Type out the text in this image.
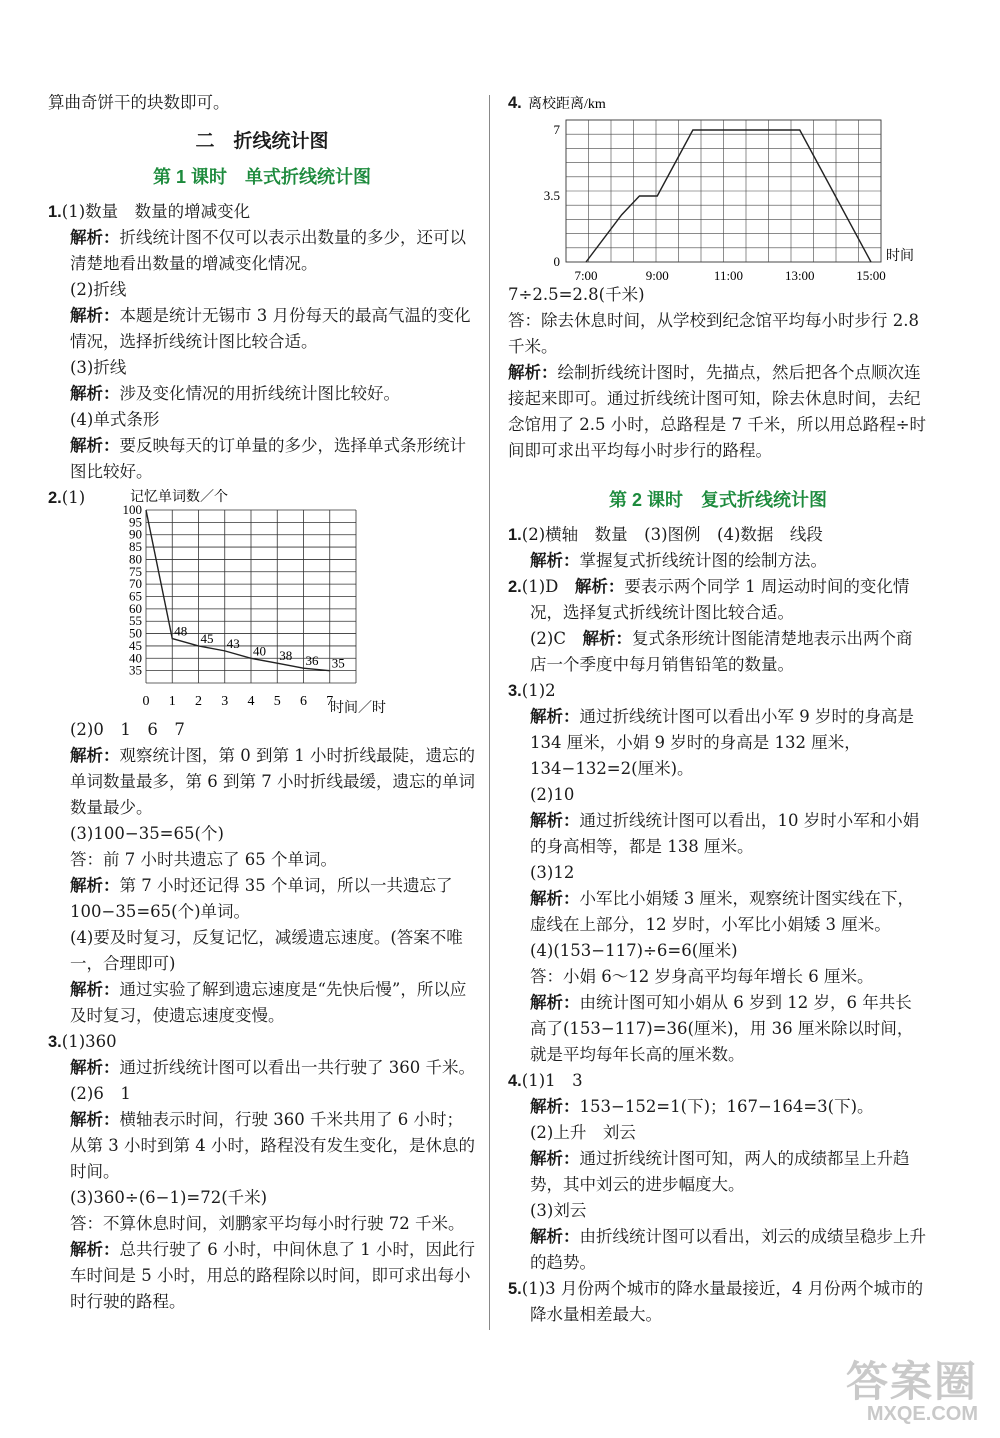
算曲奇饼干的块数即可。

二　折线统计图
第 1 课时　单式折线统计图

1.(1)数量　数量的增减变化

解析：折线统计图不仅可以表示出数量的多少，还可以清楚地看出数量的增减变化情况。

(2)折线

解析：本题是统计无锡市 3 月份每天的最高气温的变化情况，选择折线统计图比较合适。

(3)折线

解析：涉及变化情况的用折线统计图比较好。

(4)单式条形

解析：要反映每天的订单量的多少，选择单式条形统计图比较好。

2.(1)	记忆单词数／个
35
40
45
50
55
60
65
70
75
80
85
90
95
100
0 1 2 3 4 5 6 7
48 45 43 40 38 36 35
时间／时

(2)0　1　6　7

解析：观察统计图，第 0 到第 1 小时折线最陡，遗忘的单词数量最多，第 6 到第 7 小时折线最缓，遗忘的单词数量最少。

(3)100−35=65(个)

答：前 7 小时共遗忘了 65 个单词。

解析：第 7 小时还记得 35 个单词，所以一共遗忘了 100−35=65(个)单词。

(4)要及时复习，反复记忆，减缓遗忘速度。(答案不唯一，合理即可)

解析：通过实验了解到遗忘速度是“先快后慢”，所以应及时复习，使遗忘速度变慢。

3.(1)360

解析：通过折线统计图可以看出一共行驶了 360 千米。

(2)6　1

解析：横轴表示时间，行驶 360 千米共用了 6 小时；从第 3 小时到第 4 小时，路程没有发生变化，是休息的时间。

(3)360÷(6−1)=72(千米)

答：不算休息时间，刘鹏家平均每小时行驶 72 千米。

解析：总共行驶了 6 小时，中间休息了 1 小时，因此行车时间是 5 小时，用总的路程除以时间，即可求出每小时行驶的路程。

4. 离校距离/km
0
3.5
7
7:00	9:00	11:00	13:00	15:00
时间

7÷2.5=2.8(千米)

答：除去休息时间，从学校到纪念馆平均每小时步行 2.8 千米。

解析：绘制折线统计图时，先描点，然后把各个点顺次连接起来即可。通过折线统计图可知，除去休息时间，去纪念馆用了 2.5 小时，总路程是 7 千米，所以用总路程÷时间即可求出平均每小时步行的路程。

第 2 课时　复式折线统计图

1.(2)横轴　数量　(3)图例　(4)数据　线段

解析：掌握复式折线统计图的绘制方法。

2.(1)D　 解析：要表示两个同学 1 周运动时间的变化情况，选择复式折线统计图比较合适。

(2)C　 解析：复式条形统计图能清楚地表示出两个商店一个季度中每月销售铅笔的数量。

3.(1)2

解析：通过折线统计图可以看出小军 9 岁时的身高是 134 厘米，小娟 9 岁时的身高是 132 厘米，134−132=2(厘米)。

(2)10

解析：通过折线统计图可以看出，10 岁时小军和小娟的身高相等，都是 138 厘米。

(3)12

解析：小军比小娟矮 3 厘米，观察统计图实线在下，虚线在上部分，12 岁时，小军比小娟矮 3 厘米。

(4)(153−117)÷6=6(厘米)

答：小娟 6～12 岁身高平均每年增长 6 厘米。

解析：由统计图可知小娟从 6 岁到 12 岁，6 年共长高了(153−117)=36(厘米)，用 36 厘米除以时间，就是平均每年长高的厘米数。

4.(1)1　3

解析：153−152=1(下)；167−164=3(下)。

(2)上升　刘云

解析：通过折线统计图可知，两人的成绩都呈上升趋势，其中刘云的进步幅度大。

(3)刘云

解析：由折线统计图可以看出，刘云的成绩呈稳步上升的趋势。

5.(1)3 月份两个城市的降水量最接近，4 月份两个城市的降水量相差最大。

答案圈
MXQE.COM
